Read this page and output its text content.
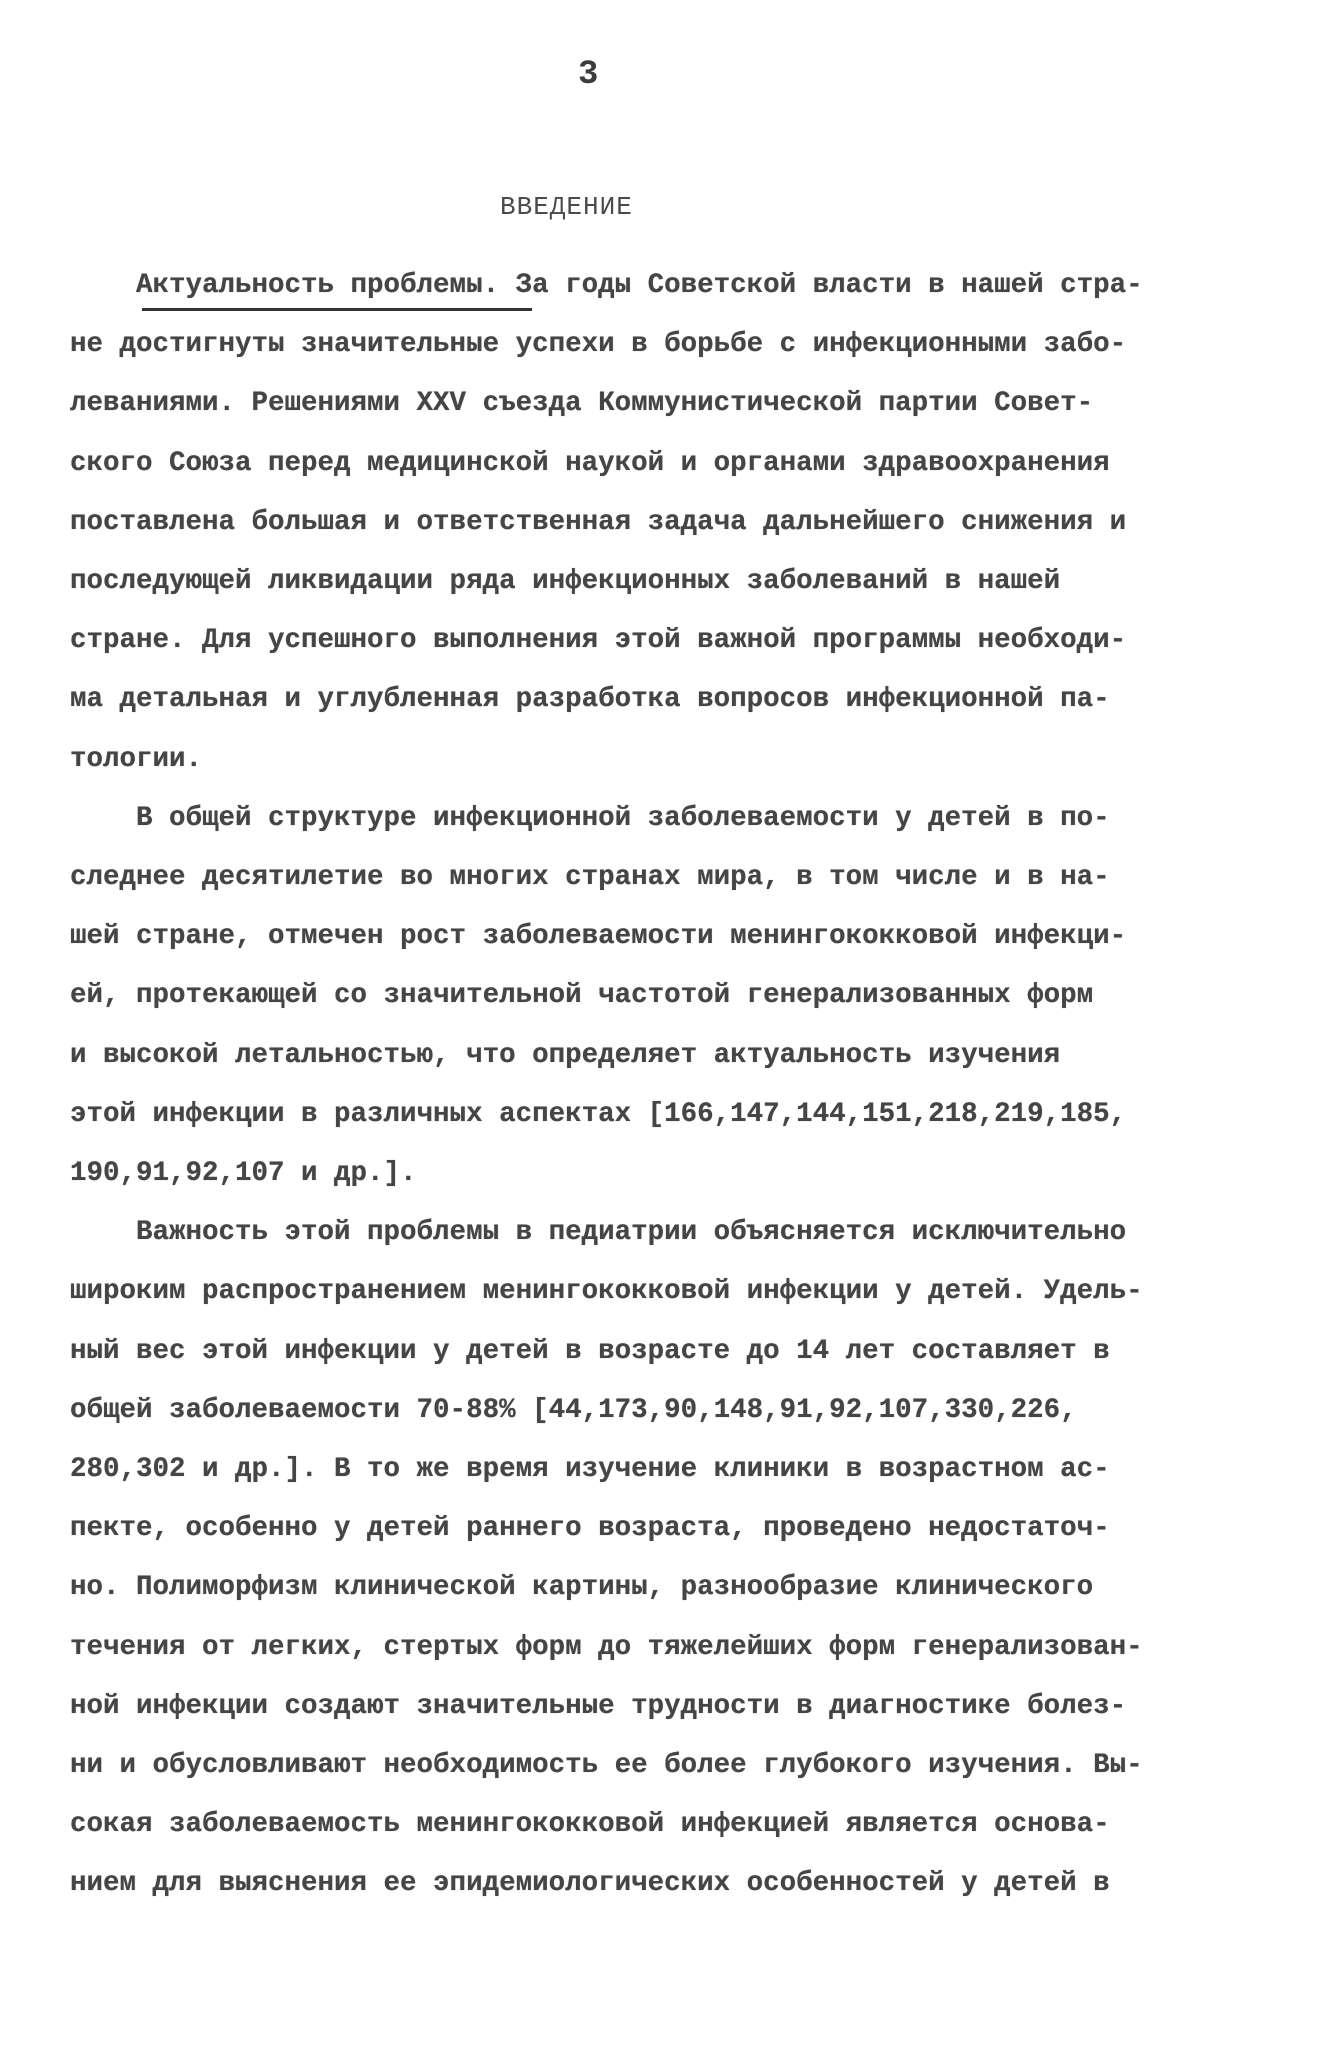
3
ВВЕДЕНИЕ
Актуальность проблемы. За годы Советской власти в нашей стра-
не достигнуты значительные успехи в борьбе с инфекционными забо-
леваниями. Решениями XXV съезда Коммунистической партии Совет-
ского Союза перед медицинской наукой и органами здравоохранения
поставлена большая и ответственная задача дальнейшего снижения и
последующей ликвидации ряда инфекционных заболеваний в нашей
стране. Для успешного выполнения этой важной программы необходи-
ма детальная и углубленная разработка вопросов инфекционной па-
тологии.
В общей структуре инфекционной заболеваемости у детей в по-
следнее десятилетие во многих странах мира, в том числе и в на-
шей стране, отмечен рост заболеваемости менингококковой инфекци-
ей, протекающей со значительной частотой генерализованных форм
и высокой летальностью, что определяет актуальность изучения
этой инфекции в различных аспектах [166,147,144,151,218,219,185,
190,91,92,107 и др.].
Важность этой проблемы в педиатрии объясняется исключительно
широким распространением менингококковой инфекции у детей. Удель-
ный вес этой инфекции у детей в возрасте до 14 лет составляет в
общей заболеваемости 70-88% [44,173,90,148,91,92,107,330,226,
280,302 и др.]. В то же время изучение клиники в возрастном ас-
пекте, особенно у детей раннего возраста, проведено недостаточ-
но. Полиморфизм клинической картины, разнообразие клинического
течения от легких, стертых форм до тяжелейших форм генерализован-
ной инфекции создают значительные трудности в диагностике болез-
ни и обусловливают необходимость ее более глубокого изучения. Вы-
сокая заболеваемость менингококковой инфекцией является основа-
нием для выяснения ее эпидемиологических особенностей у детей в
